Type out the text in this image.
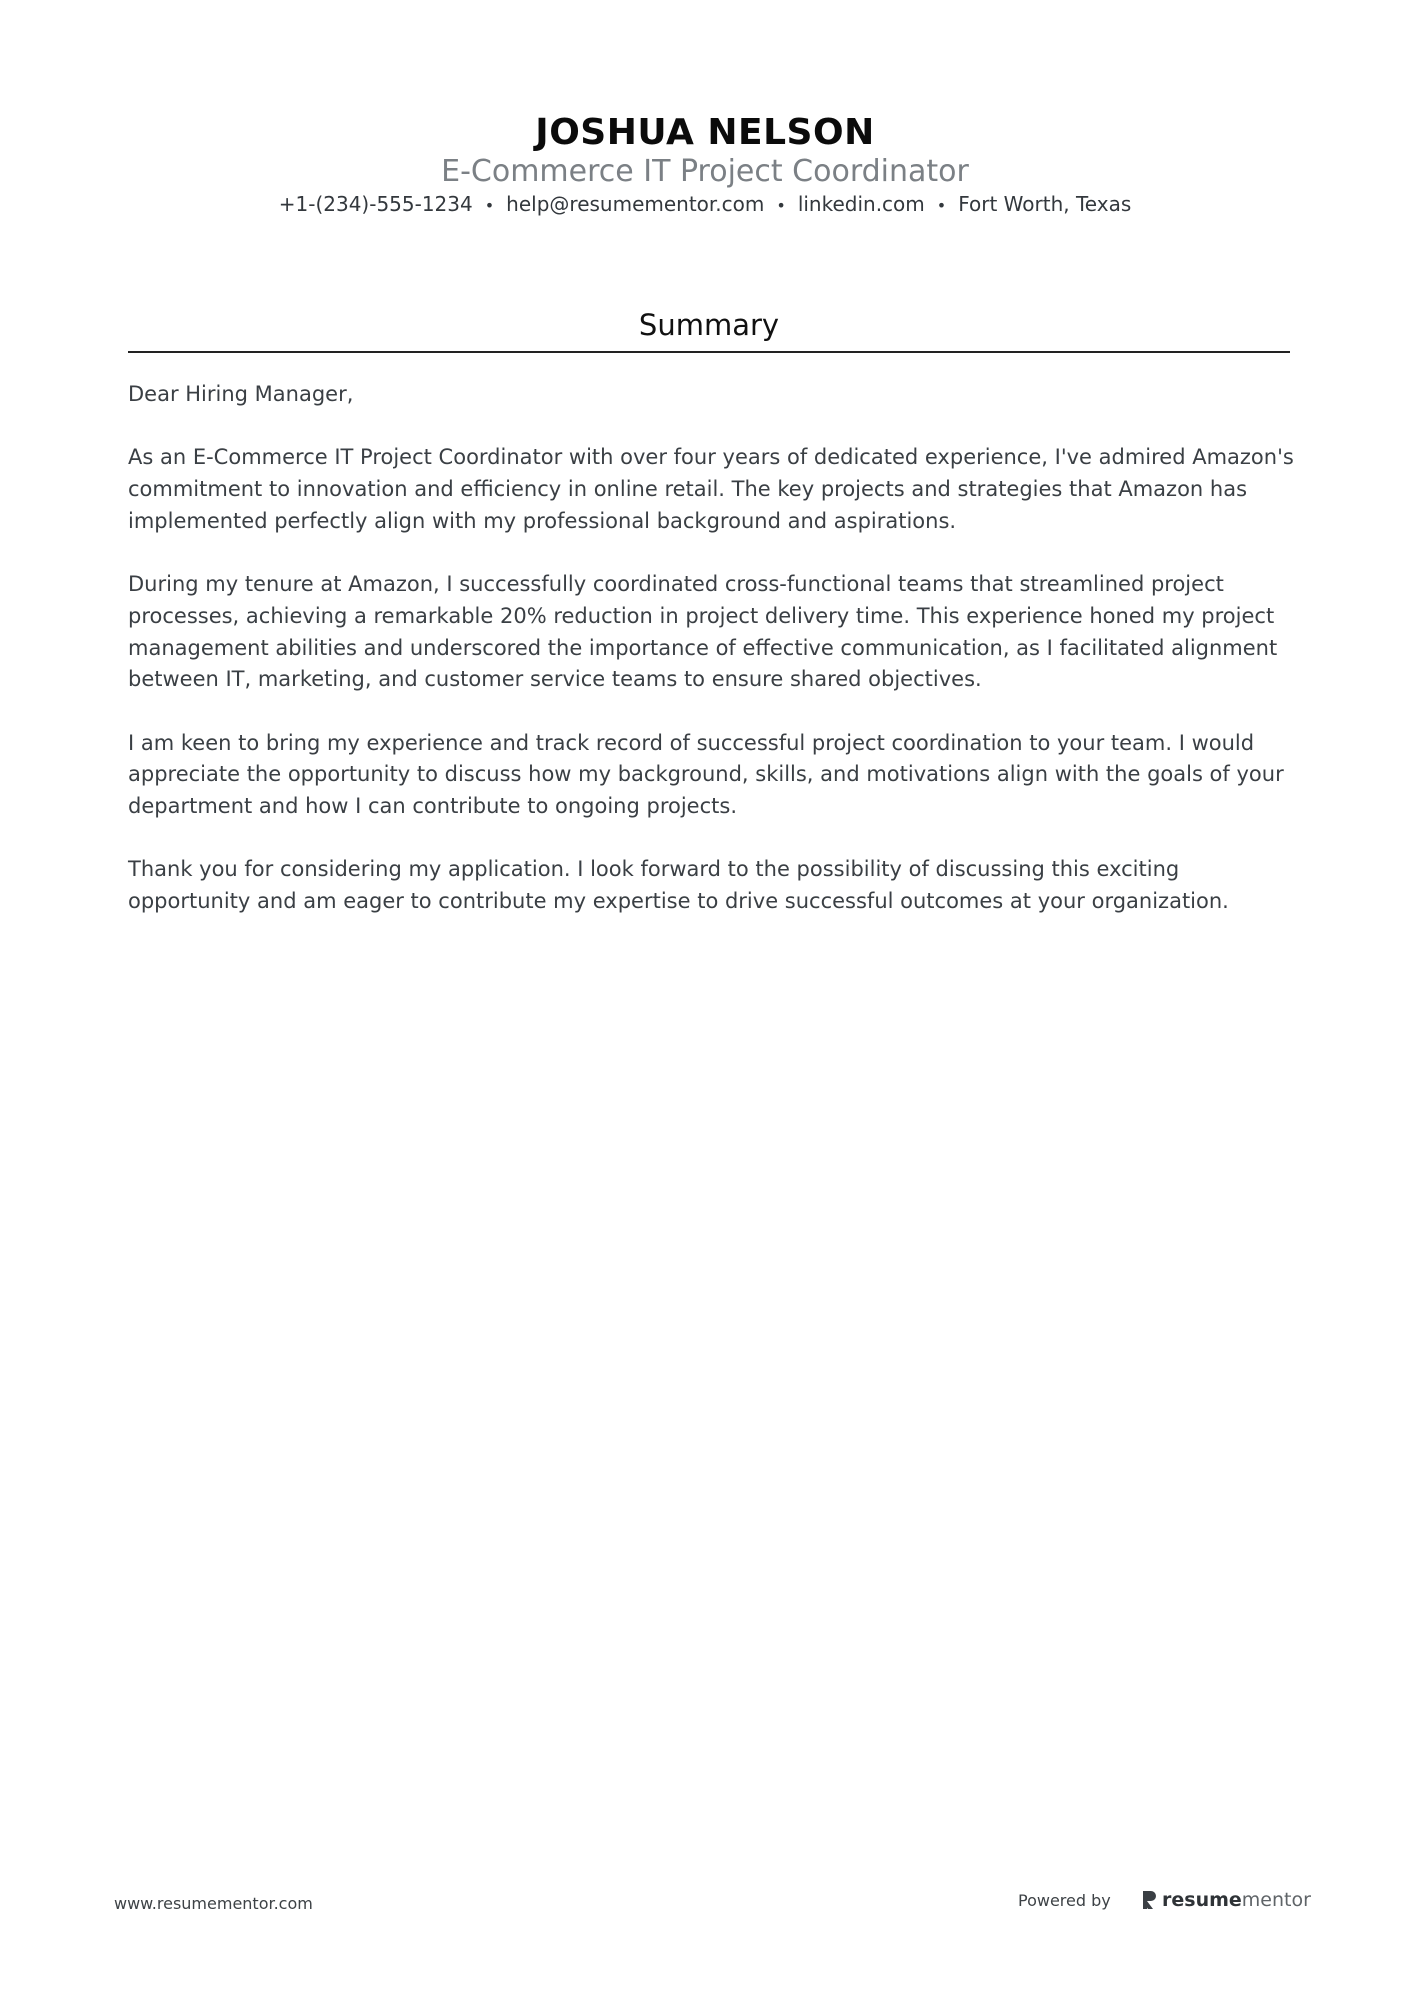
JOSHUA NELSON
E-Commerce IT Project Coordinator
+1-(234)-555-1234 • help@resumementor.com • linkedin.com • Fort Worth, Texas
Summary

Dear Hiring Manager,

As an E-Commerce IT Project Coordinator with over four years of dedicated experience, I've admired Amazon's commitment to innovation and efficiency in online retail. The key projects and strategies that Amazon has implemented perfectly align with my professional background and aspirations.

During my tenure at Amazon, I successfully coordinated cross-functional teams that streamlined project processes, achieving a remarkable 20% reduction in project delivery time. This experience honed my project management abilities and underscored the importance of effective communication, as I facilitated alignment between IT, marketing, and customer service teams to ensure shared objectives.

I am keen to bring my experience and track record of successful project coordination to your team. I would appreciate the opportunity to discuss how my background, skills, and motivations align with the goals of your department and how I can contribute to ongoing projects.

Thank you for considering my application. I look forward to the possibility of discussing this exciting opportunity and am eager to contribute my expertise to drive successful outcomes at your organization.

www.resumementor.com	Powered by	resumementor
